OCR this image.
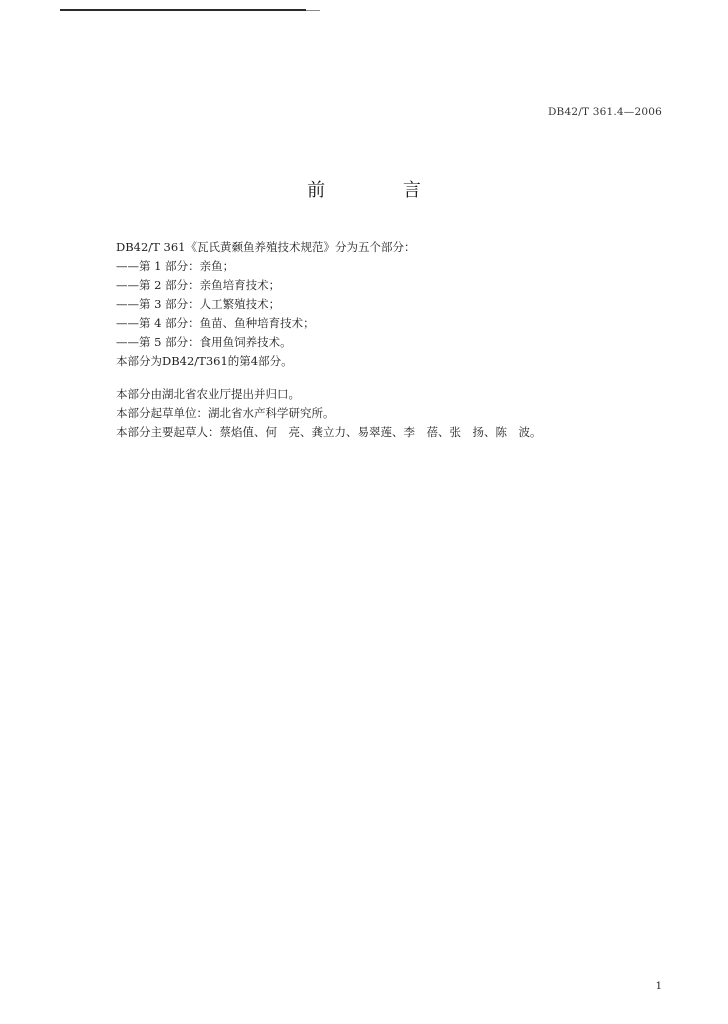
DB42/T 361.4—2006
前 言

DB42/T 361《瓦氏黄颡鱼养殖技术规范》分为五个部分：

——第 1 部分：亲鱼；

——第 2 部分：亲鱼培育技术；

——第 3 部分：人工繁殖技术；

——第 4 部分：鱼苗、鱼种培育技术；

——第 5 部分：食用鱼饲养技术。

本部分为DB42/T361的第4部分。

本部分由湖北省农业厅提出并归口。

本部分起草单位：湖北省水产科学研究所。

本部分主要起草人：蔡焰值、何　亮、龚立力、易翠莲、李　蓓、张　扬、陈　波。

1
